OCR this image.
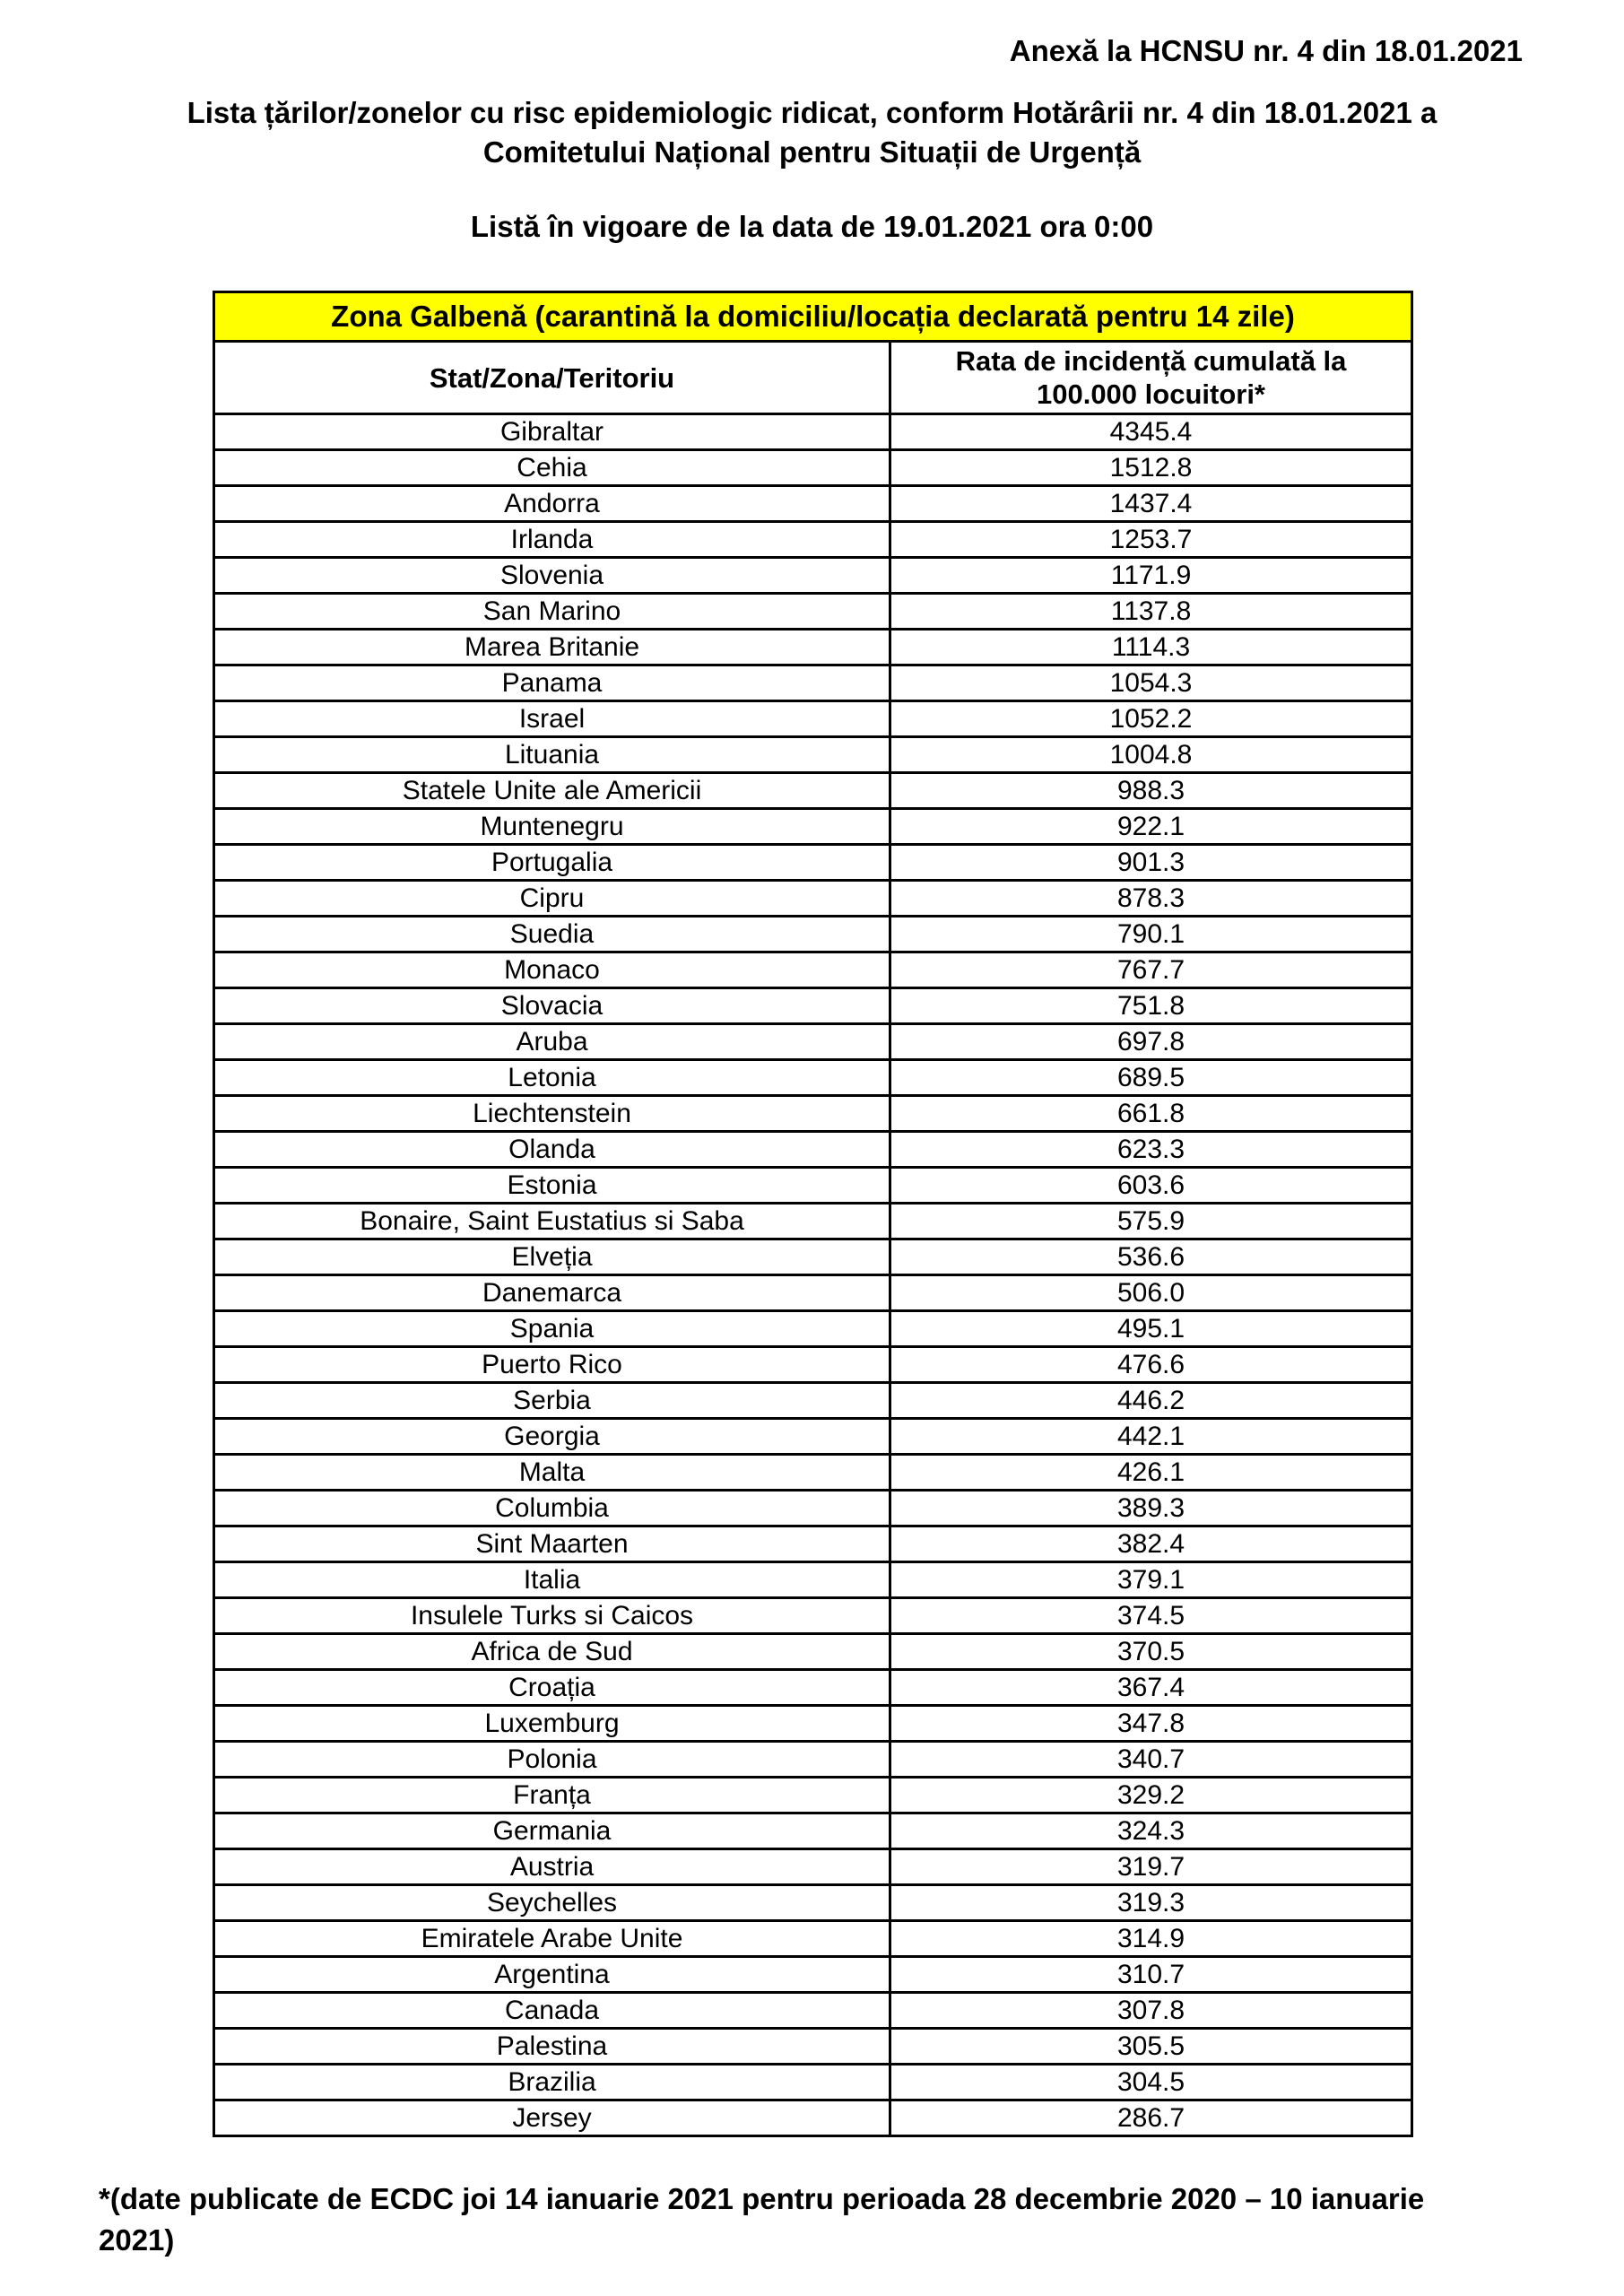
Anexă la HCNSU nr. 4 din 18.01.2021
Lista țărilor/zonelor cu risc epidemiologic ridicat, conform Hotărârii nr. 4 din 18.01.2021 a
Comitetului Național pentru Situații de Urgență
Listă în vigoare de la data de 19.01.2021 ora 0:00
Zona Galbenă (carantină la domiciliu/locația declarată pentru 14 zile)	
Stat/Zona/Teritoriu	Rata de incidență cumulată la 100.000 locuitori*
Gibraltar	4345.4
Cehia	1512.8
Andorra	1437.4
Irlanda	1253.7
Slovenia	1171.9
San Marino	1137.8
Marea Britanie	1114.3
Panama	1054.3
Israel	1052.2
Lituania	1004.8
Statele Unite ale Americii	988.3
Muntenegru	922.1
Portugalia	901.3
Cipru	878.3
Suedia	790.1
Monaco	767.7
Slovacia	751.8
Aruba	697.8
Letonia	689.5
Liechtenstein	661.8
Olanda	623.3
Estonia	603.6
Bonaire, Saint Eustatius si Saba	575.9
Elveția	536.6
Danemarca	506.0
Spania	495.1
Puerto Rico	476.6
Serbia	446.2
Georgia	442.1
Malta	426.1
Columbia	389.3
Sint Maarten	382.4
Italia	379.1
Insulele Turks si Caicos	374.5
Africa de Sud	370.5
Croația	367.4
Luxemburg	347.8
Polonia	340.7
Franța	329.2
Germania	324.3
Austria	319.7
Seychelles	319.3
Emiratele Arabe Unite	314.9
Argentina	310.7
Canada	307.8
Palestina	305.5
Brazilia	304.5
Jersey	286.7
*(date publicate de ECDC joi 14 ianuarie 2021 pentru perioada 28 decembrie 2020 – 10 ianuarie 2021)
